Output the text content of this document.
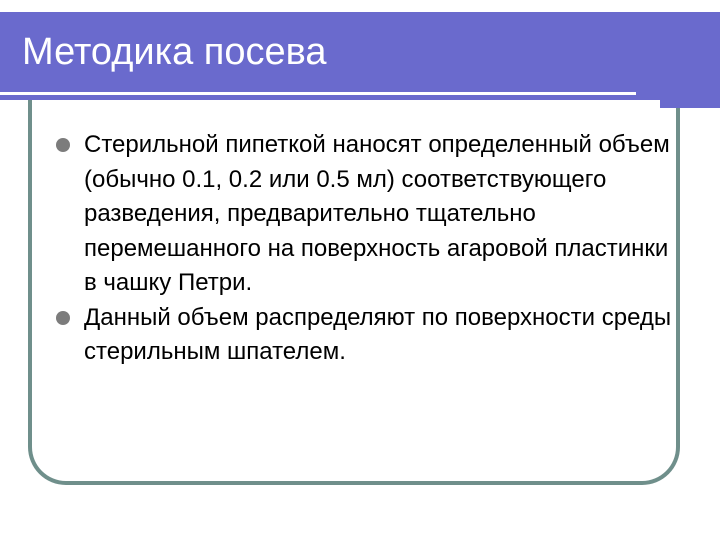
Методика посева
Стерильной пипеткой наносят определенный объем (обычно 0.1, 0.2 или 0.5 мл) соответствующего разведения, предварительно тщательно перемешанного на поверхность агаровой пластинки в чашку Петри.
Данный объем распределяют по поверхности среды стерильным шпателем.
